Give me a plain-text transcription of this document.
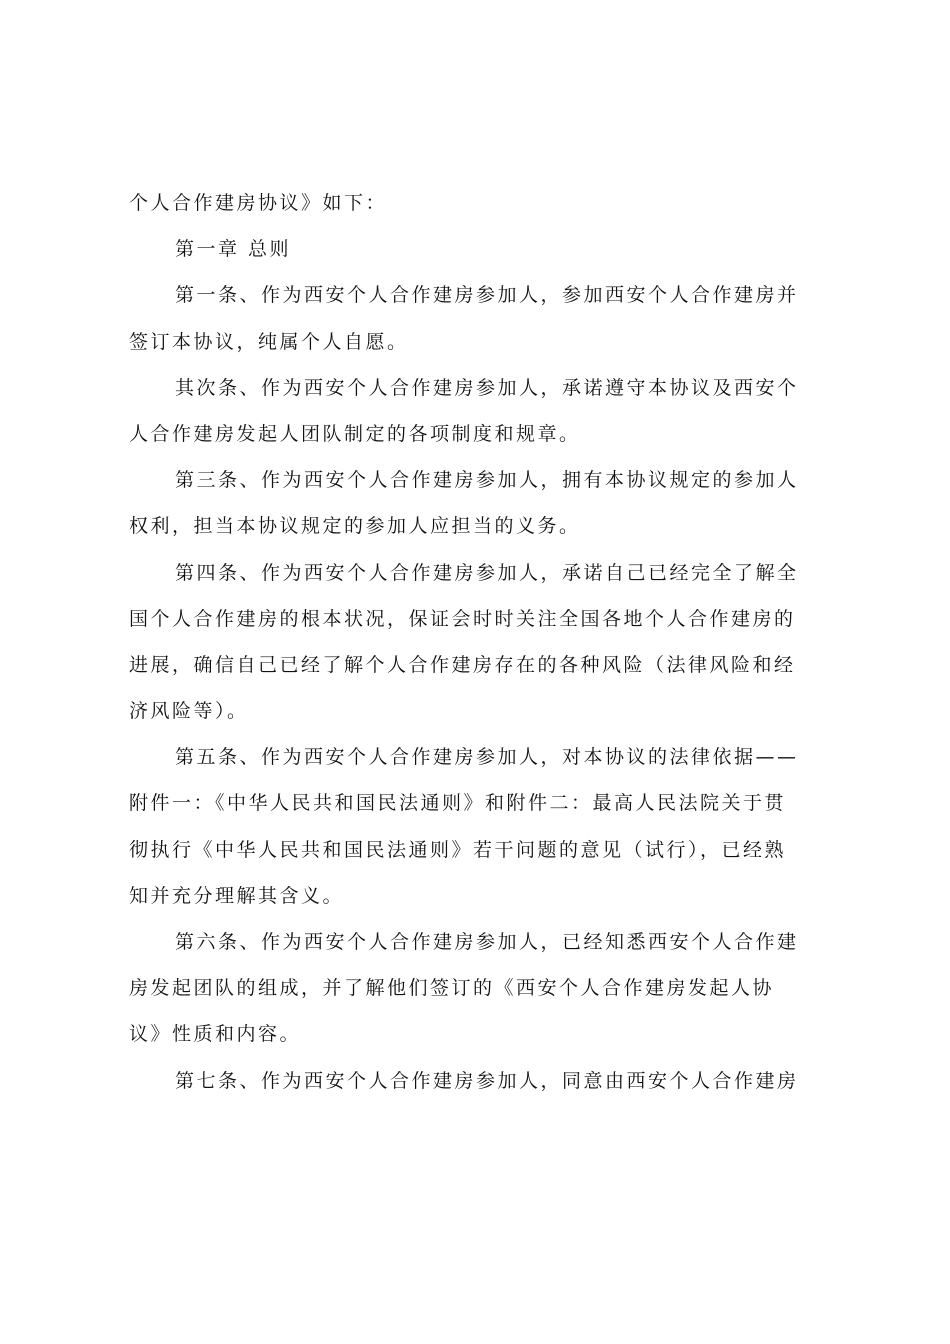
个人合作建房协议》如下：
第一章 总则
第一条、作为西安个人合作建房参加人，参加西安个人合作建房并
签订本协议，纯属个人自愿。
其次条、作为西安个人合作建房参加人，承诺遵守本协议及西安个
人合作建房发起人团队制定的各项制度和规章。
第三条、作为西安个人合作建房参加人，拥有本协议规定的参加人
权利，担当本协议规定的参加人应担当的义务。
第四条、作为西安个人合作建房参加人，承诺自己已经完全了解全
国个人合作建房的根本状况，保证会时时关注全国各地个人合作建房的
进展，确信自己已经了解个人合作建房存在的各种风险（法律风险和经
济风险等）。
第五条、作为西安个人合作建房参加人，对本协议的法律依据——
附件一：《中华人民共和国民法通则》和附件二：最高人民法院关于贯
彻执行《中华人民共和国民法通则》若干问题的意见（试行），已经熟
知并充分理解其含义。
第六条、作为西安个人合作建房参加人，已经知悉西安个人合作建
房发起团队的组成，并了解他们签订的《西安个人合作建房发起人协
议》性质和内容。
第七条、作为西安个人合作建房参加人，同意由西安个人合作建房
